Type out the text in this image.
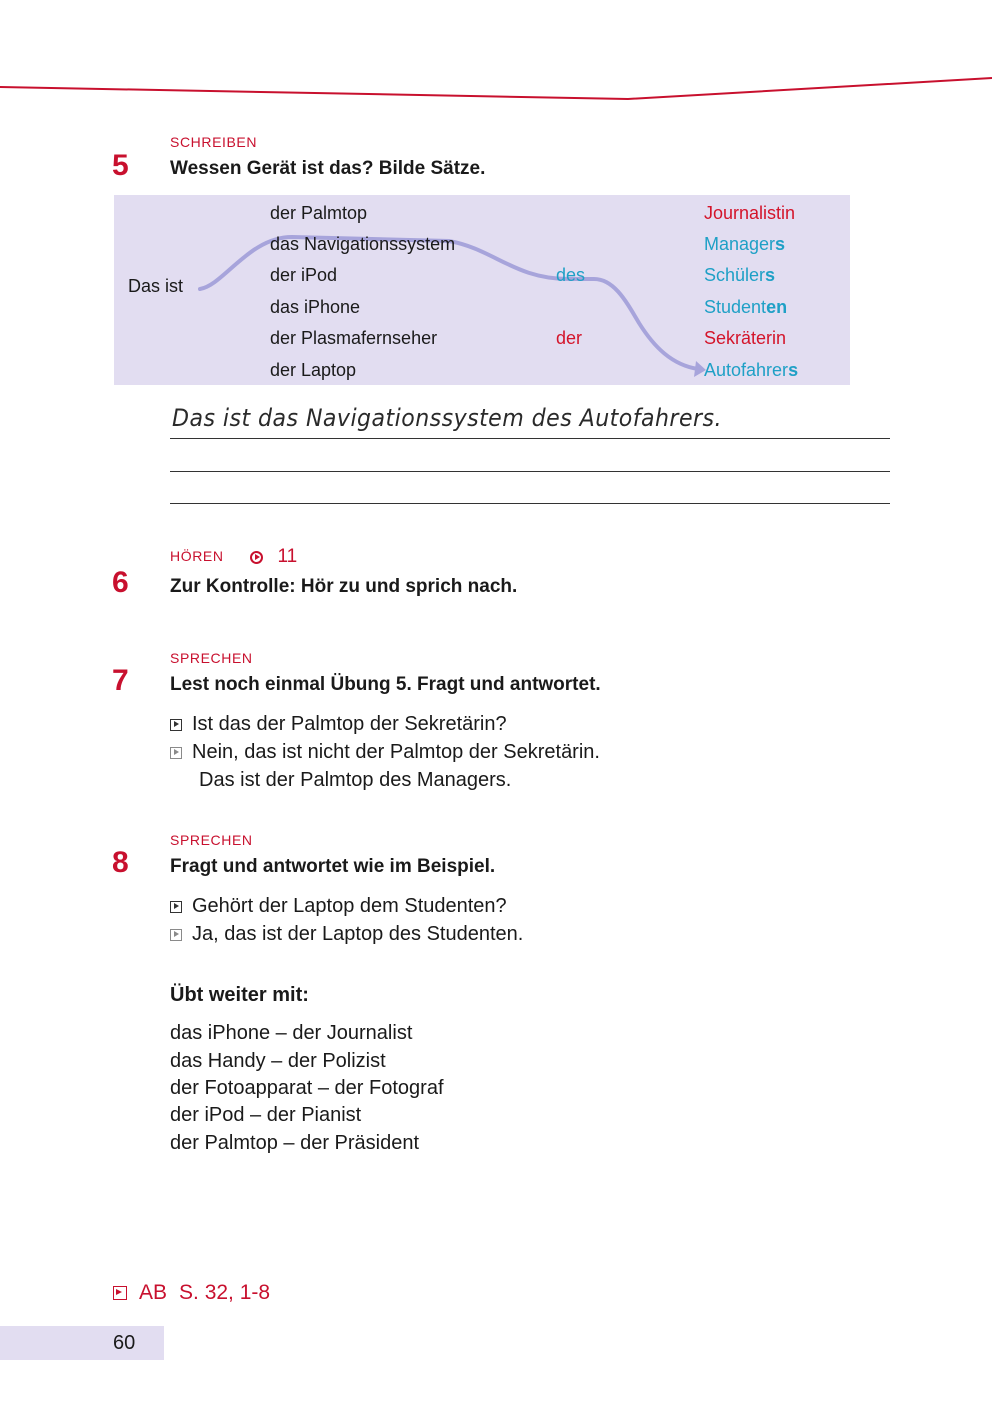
SCHREIBEN
5 Wessen Gerät ist das? Bilde Sätze.
Das ist
der Palmtop
das Navigationssystem
der iPod
das iPhone
der Plasmafernseher
der Laptop
des
der
Journalistin
Managers
Schülers
Studenten
Sekräterin
Autofahrers
Das ist das Navigationssystem des Autofahrers.
HÖREN	11
6 Zur Kontrolle: Hör zu und sprich nach.
SPRECHEN
7 Lest noch einmal Übung 5. Fragt und antwortet.
Ist das der Palmtop der Sekretärin?
Nein, das ist nicht der Palmtop der Sekretärin.
Das ist der Palmtop des Managers.
SPRECHEN
8 Fragt und antwortet wie im Beispiel.
Gehört der Laptop dem Studenten?
Ja, das ist der Laptop des Studenten.
Übt weiter mit:
das iPhone – der Journalist
das Handy – der Polizist
der Fotoapparat – der Fotograf
der iPod – der Pianist
der Palmtop – der Präsident
AB S. 32, 1-8
60
